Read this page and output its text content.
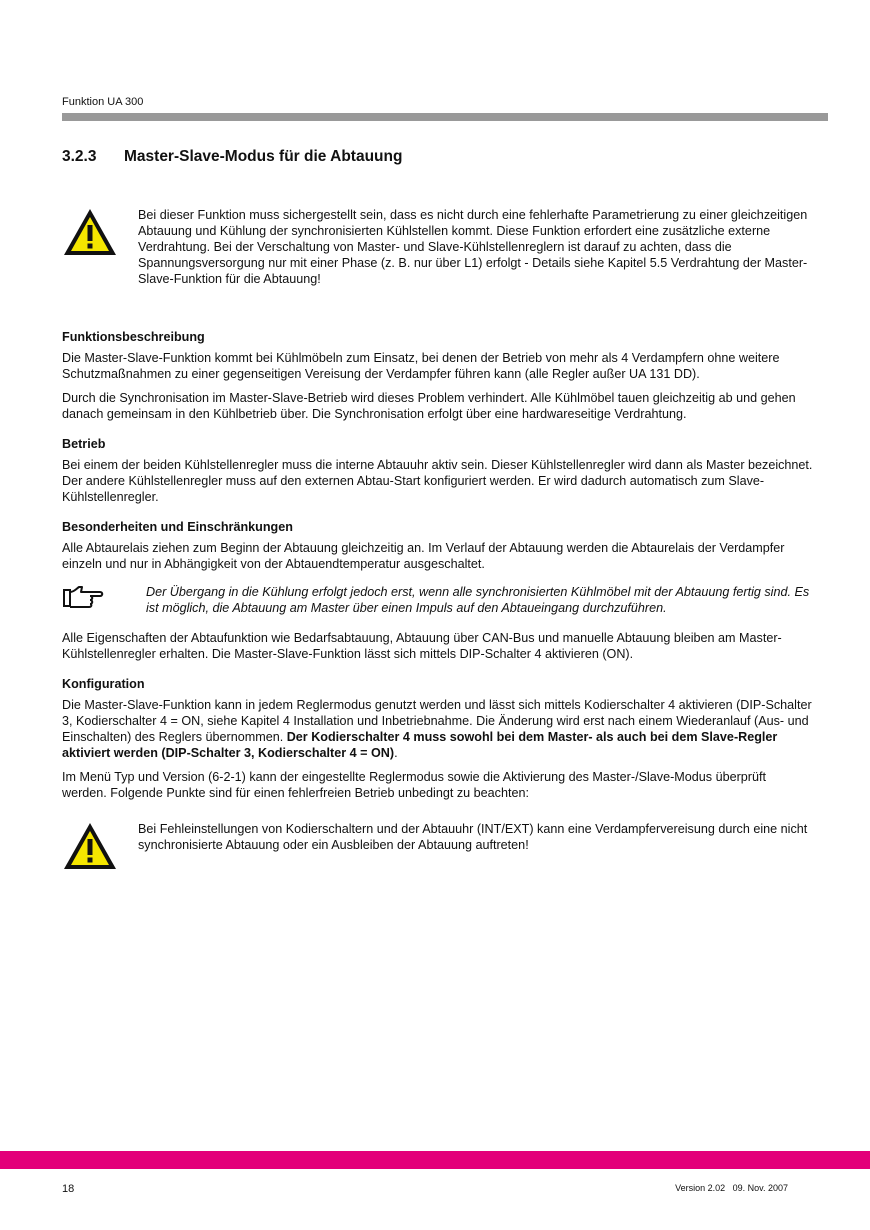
Funktion UA 300
3.2.3 Master-Slave-Modus für die Abtauung
Bei dieser Funktion muss sichergestellt sein, dass es nicht durch eine fehlerhafte Parametrierung zu einer gleichzeitigen Abtauung und Kühlung der synchronisierten Kühlstellen kommt. Diese Funktion erfordert eine zusätzliche externe Verdrahtung. Bei der Verschaltung von Master- und Slave-Kühlstellenreglern ist darauf zu achten, dass die Spannungsversorgung nur mit einer Phase (z. B. nur über L1) erfolgt - Details siehe Kapitel 5.5 Verdrahtung der Master-Slave-Funktion für die Abtauung!
Funktionsbeschreibung

Die Master-Slave-Funktion kommt bei Kühlmöbeln zum Einsatz, bei denen der Betrieb von mehr als 4 Verdampfern ohne weitere Schutzmaßnahmen zu einer gegenseitigen Vereisung der Verdampfer führen kann (alle Regler außer UA 131 DD).

Durch die Synchronisation im Master-Slave-Betrieb wird dieses Problem verhindert. Alle Kühlmöbel tauen gleichzeitig ab und gehen danach gemeinsam in den Kühlbetrieb über. Die Synchronisation erfolgt über eine hardwareseitige Verdrahtung.

Betrieb

Bei einem der beiden Kühlstellenregler muss die interne Abtauuhr aktiv sein. Dieser Kühlstellenregler wird dann als Master bezeichnet. Der andere Kühlstellenregler muss auf den externen Abtau-Start konfiguriert werden. Er wird dadurch automatisch zum Slave-Kühlstellenregler.

Besonderheiten und Einschränkungen

Alle Abtaurelais ziehen zum Beginn der Abtauung gleichzeitig an. Im Verlauf der Abtauung werden die Abtaurelais der Verdampfer einzeln und nur in Abhängigkeit von der Abtauendtemperatur ausgeschaltet.

Der Übergang in die Kühlung erfolgt jedoch erst, wenn alle synchronisierten Kühlmöbel mit der Abtauung fertig sind. Es ist möglich, die Abtauung am Master über einen Impuls auf den Abtaueingang durchzuführen.

Alle Eigenschaften der Abtaufunktion wie Bedarfsabtauung, Abtauung über CAN-Bus und manuelle Abtauung bleiben am Master-Kühlstellenregler erhalten. Die Master-Slave-Funktion lässt sich mittels DIP-Schalter 4 aktivieren (ON).

Konfiguration

Die Master-Slave-Funktion kann in jedem Reglermodus genutzt werden und lässt sich mittels Kodierschalter 4 aktivieren (DIP-Schalter 3, Kodierschalter 4 = ON, siehe Kapitel 4 Installation und Inbetriebnahme. Die Änderung wird erst nach einem Wiederanlauf (Aus- und Einschalten) des Reglers übernommen. Der Kodierschalter 4 muss sowohl bei dem Master- als auch bei dem Slave-Regler aktiviert werden (DIP-Schalter 3, Kodierschalter 4 = ON).

Im Menü Typ und Version (6-2-1) kann der eingestellte Reglermodus sowie die Aktivierung des Master-/Slave-Modus überprüft werden. Folgende Punkte sind für einen fehlerfreien Betrieb unbedingt zu beachten:

Bei Fehleinstellungen von Kodierschaltern und der Abtauuhr (INT/EXT) kann eine Verdampfervereisung durch eine nicht synchronisierte Abtauung oder ein Ausbleiben der Abtauung auftreten!
18	Version 2.02   09. Nov. 2007
